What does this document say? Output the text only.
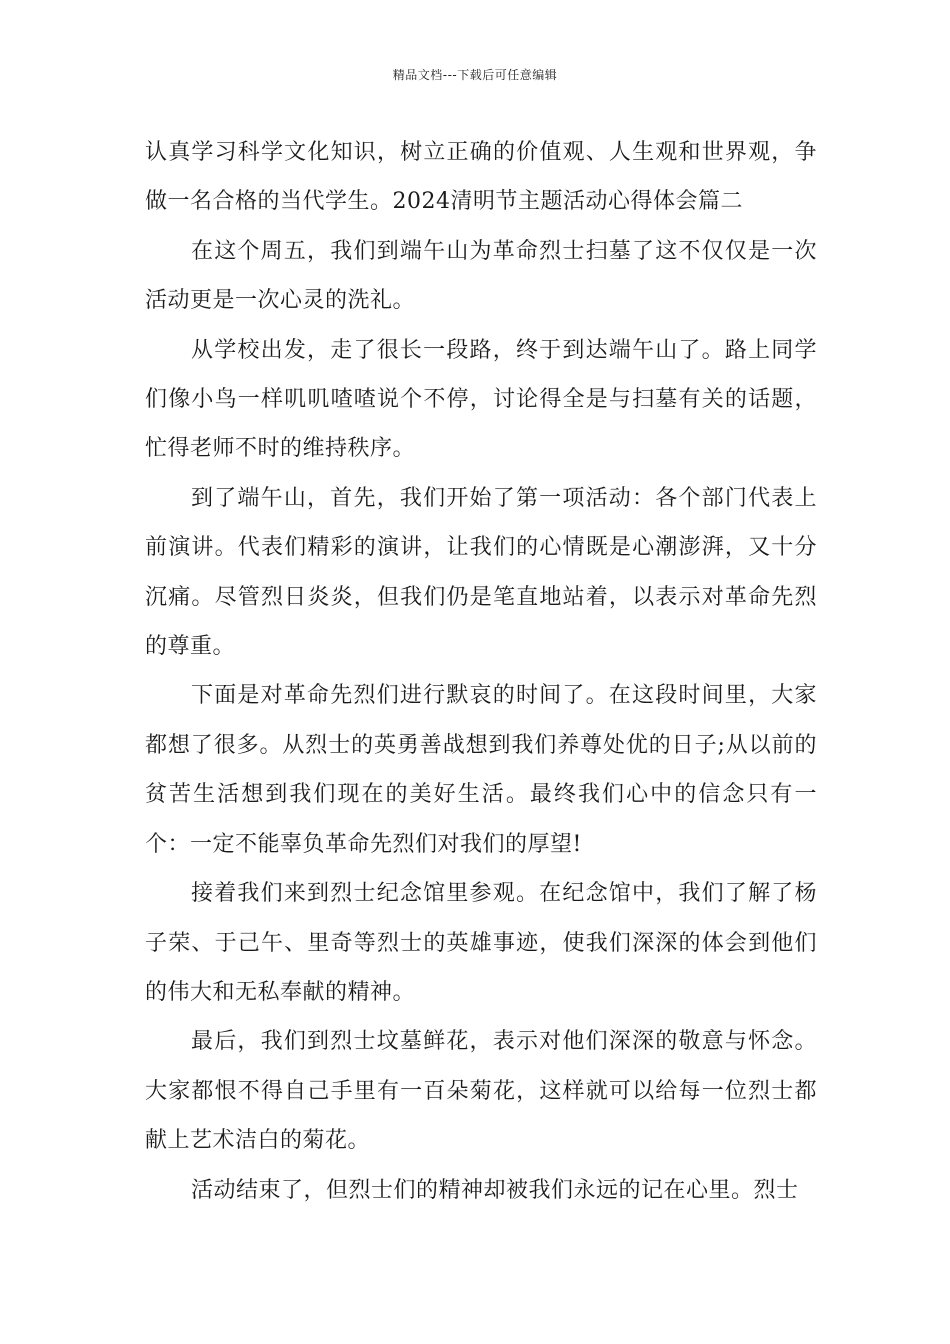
精品文档---下载后可任意编辑

认真学习科学文化知识，树立正确的价值观、人生观和世界观，争做一名合格的当代学生。2024清明节主题活动心得体会篇二

在这个周五，我们到端午山为革命烈士扫墓了这不仅仅是一次活动更是一次心灵的洗礼。

从学校出发，走了很长一段路，终于到达端午山了。路上同学们像小鸟一样叽叽喳喳说个不停，讨论得全是与扫墓有关的话题，忙得老师不时的维持秩序。

到了端午山，首先，我们开始了第一项活动：各个部门代表上前演讲。代表们精彩的演讲，让我们的心情既是心潮澎湃，又十分沉痛。尽管烈日炎炎，但我们仍是笔直地站着，以表示对革命先烈的尊重。

下面是对革命先烈们进行默哀的时间了。在这段时间里，大家都想了很多。从烈士的英勇善战想到我们养尊处优的日子;从以前的贫苦生活想到我们现在的美好生活。最终我们心中的信念只有一个：一定不能辜负革命先烈们对我们的厚望!

接着我们来到烈士纪念馆里参观。在纪念馆中，我们了解了杨子荣、于己午、里奇等烈士的英雄事迹，使我们深深的体会到他们的伟大和无私奉献的精神。

最后，我们到烈士坟墓鲜花，表示对他们深深的敬意与怀念。大家都恨不得自己手里有一百朵菊花，这样就可以给每一位烈士都献上艺术洁白的菊花。

活动结束了，但烈士们的精神却被我们永远的记在心里。烈士
